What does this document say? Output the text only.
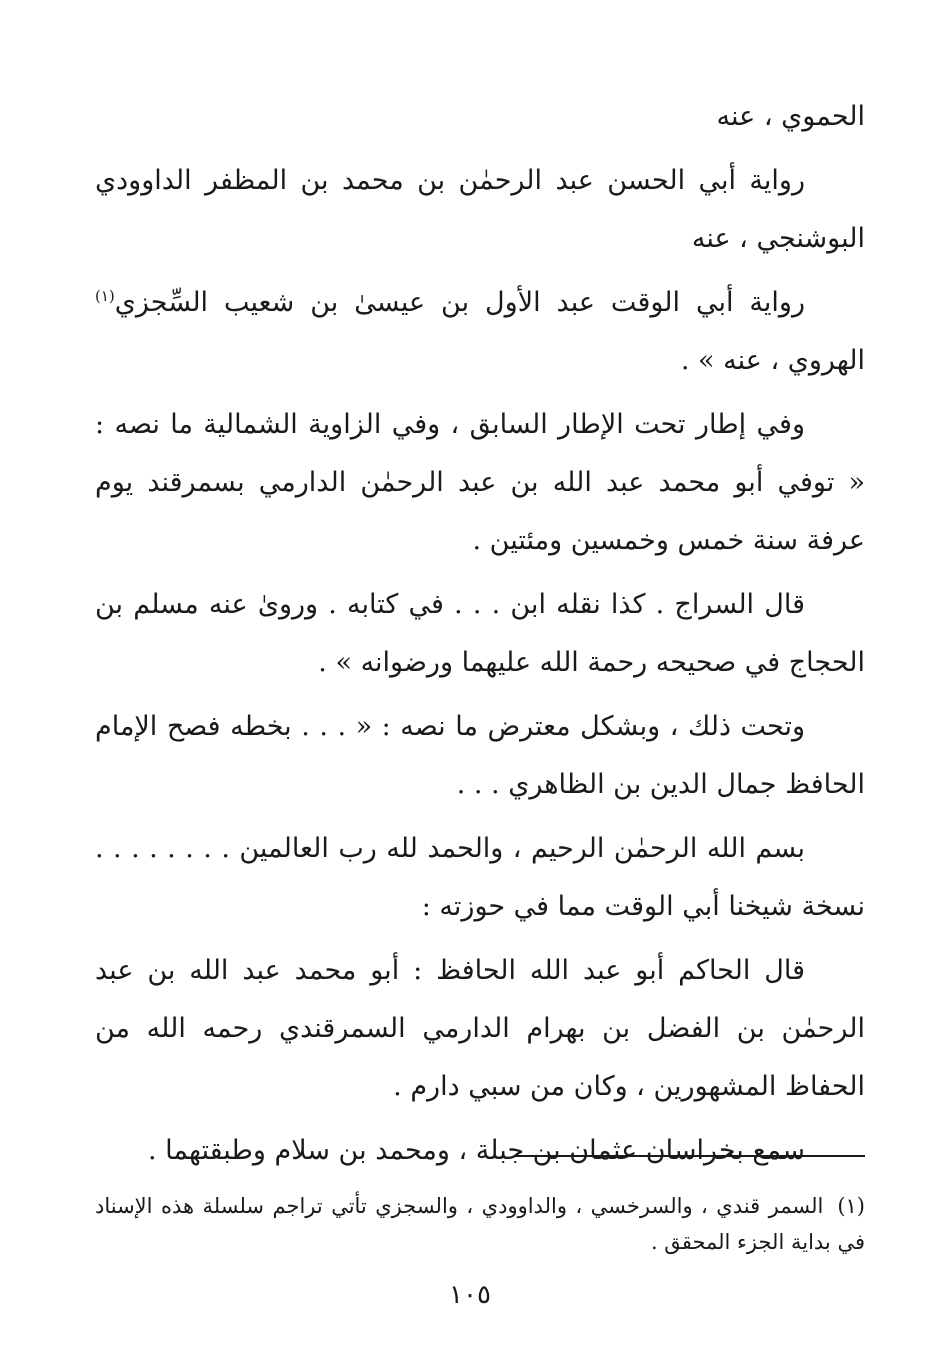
الحموي ، عنه

رواية أبي الحسن عبد الرحمٰن بن محمد بن المظفر الداوودي البوشنجي ، عنه

رواية أبي الوقت عبد الأول بن عيسىٰ بن شعيب السِّجزي$^{(١)}$ الهروي ، عنه » .

وفي إطار تحت الإطار السابق ، وفي الزاوية الشمالية ما نصه : « توفي أبو محمد عبد الله بن عبد الرحمٰن الدارمي بسمرقند يوم عرفة سنة خمس وخمسين ومئتين .

قال السراج . كذا نقله ابن . . . في كتابه . ورویٰ عنه مسلم بن الحجاج في صحيحه رحمة الله عليهما ورضوانه » .

وتحت ذلك ، وبشكل معترض ما نصه : « . . . بخطه فصح الإمام الحافظ جمال الدين بن الظاهري . . .

بسم الله الرحمٰن الرحيم ، والحمد لله رب العالمين . . . . . . . . نسخة شيخنا أبي الوقت مما في حوزته :

قال الحاكم أبو عبد الله الحافظ : أبو محمد عبد الله بن عبد الرحمٰن بن الفضل بن بهرام الدارمي السمرقندي رحمه الله من الحفاظ المشهورين ، وكان من سبي دارم .

سمع بخراسان عثمان بن جبلة ، ومحمد بن سلام وطبقتهما .

(١)السمر قندي ، والسرخسي ، والداوودي ، والسجزي تأتي تراجم سلسلة هذه الإسناد في بداية الجزء المحقق .
١٠٥
